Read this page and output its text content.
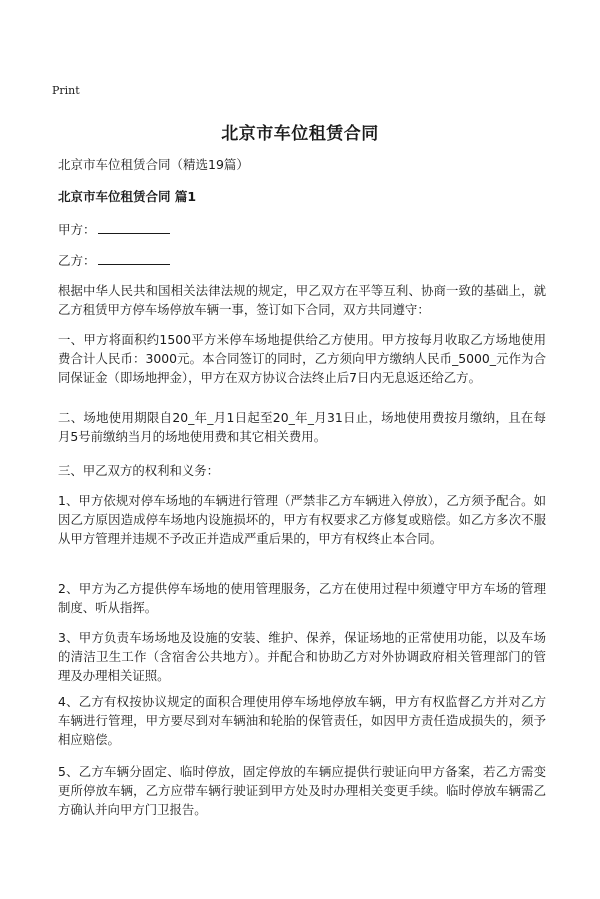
Print
北京市车位租赁合同
北京市车位租赁合同（精选19篇）
北京市车位租赁合同 篇1
甲方：
乙方：
根据中华人民共和国相关法律法规的规定，甲乙双方在平等互利、协商一致的基础上，就乙方租赁甲方停车场停放车辆一事，签订如下合同，双方共同遵守：
一、甲方将面积约1500平方米停车场地提供给乙方使用。甲方按每月收取乙方场地使用费合计人民币：3000元。本合同签订的同时，乙方须向甲方缴纳人民币_5000_元作为合同保证金（即场地押金），甲方在双方协议合法终止后7日内无息返还给乙方。
二、场地使用期限自20_年_月1日起至20_年_月31日止，场地使用费按月缴纳，且在每月5号前缴纳当月的场地使用费和其它相关费用。
三、甲乙双方的权利和义务：
1、甲方依规对停车场地的车辆进行管理（严禁非乙方车辆进入停放），乙方须予配合。如因乙方原因造成停车场地内设施损坏的，甲方有权要求乙方修复或赔偿。如乙方多次不服从甲方管理并违规不予改正并造成严重后果的，甲方有权终止本合同。
2、甲方为乙方提供停车场地的使用管理服务，乙方在使用过程中须遵守甲方车场的管理制度、听从指挥。
3、甲方负责车场场地及设施的安装、维护、保养，保证场地的正常使用功能，以及车场的清洁卫生工作（含宿舍公共地方）。并配合和协助乙方对外协调政府相关管理部门的管理及办理相关证照。
4、乙方有权按协议规定的面积合理使用停车场地停放车辆，甲方有权监督乙方并对乙方车辆进行管理，甲方要尽到对车辆油和轮胎的保管责任，如因甲方责任造成损失的，须予相应赔偿。
5、乙方车辆分固定、临时停放，固定停放的车辆应提供行驶证向甲方备案，若乙方需变更所停放车辆，乙方应带车辆行驶证到甲方处及时办理相关变更手续。临时停放车辆需乙方确认并向甲方门卫报告。
